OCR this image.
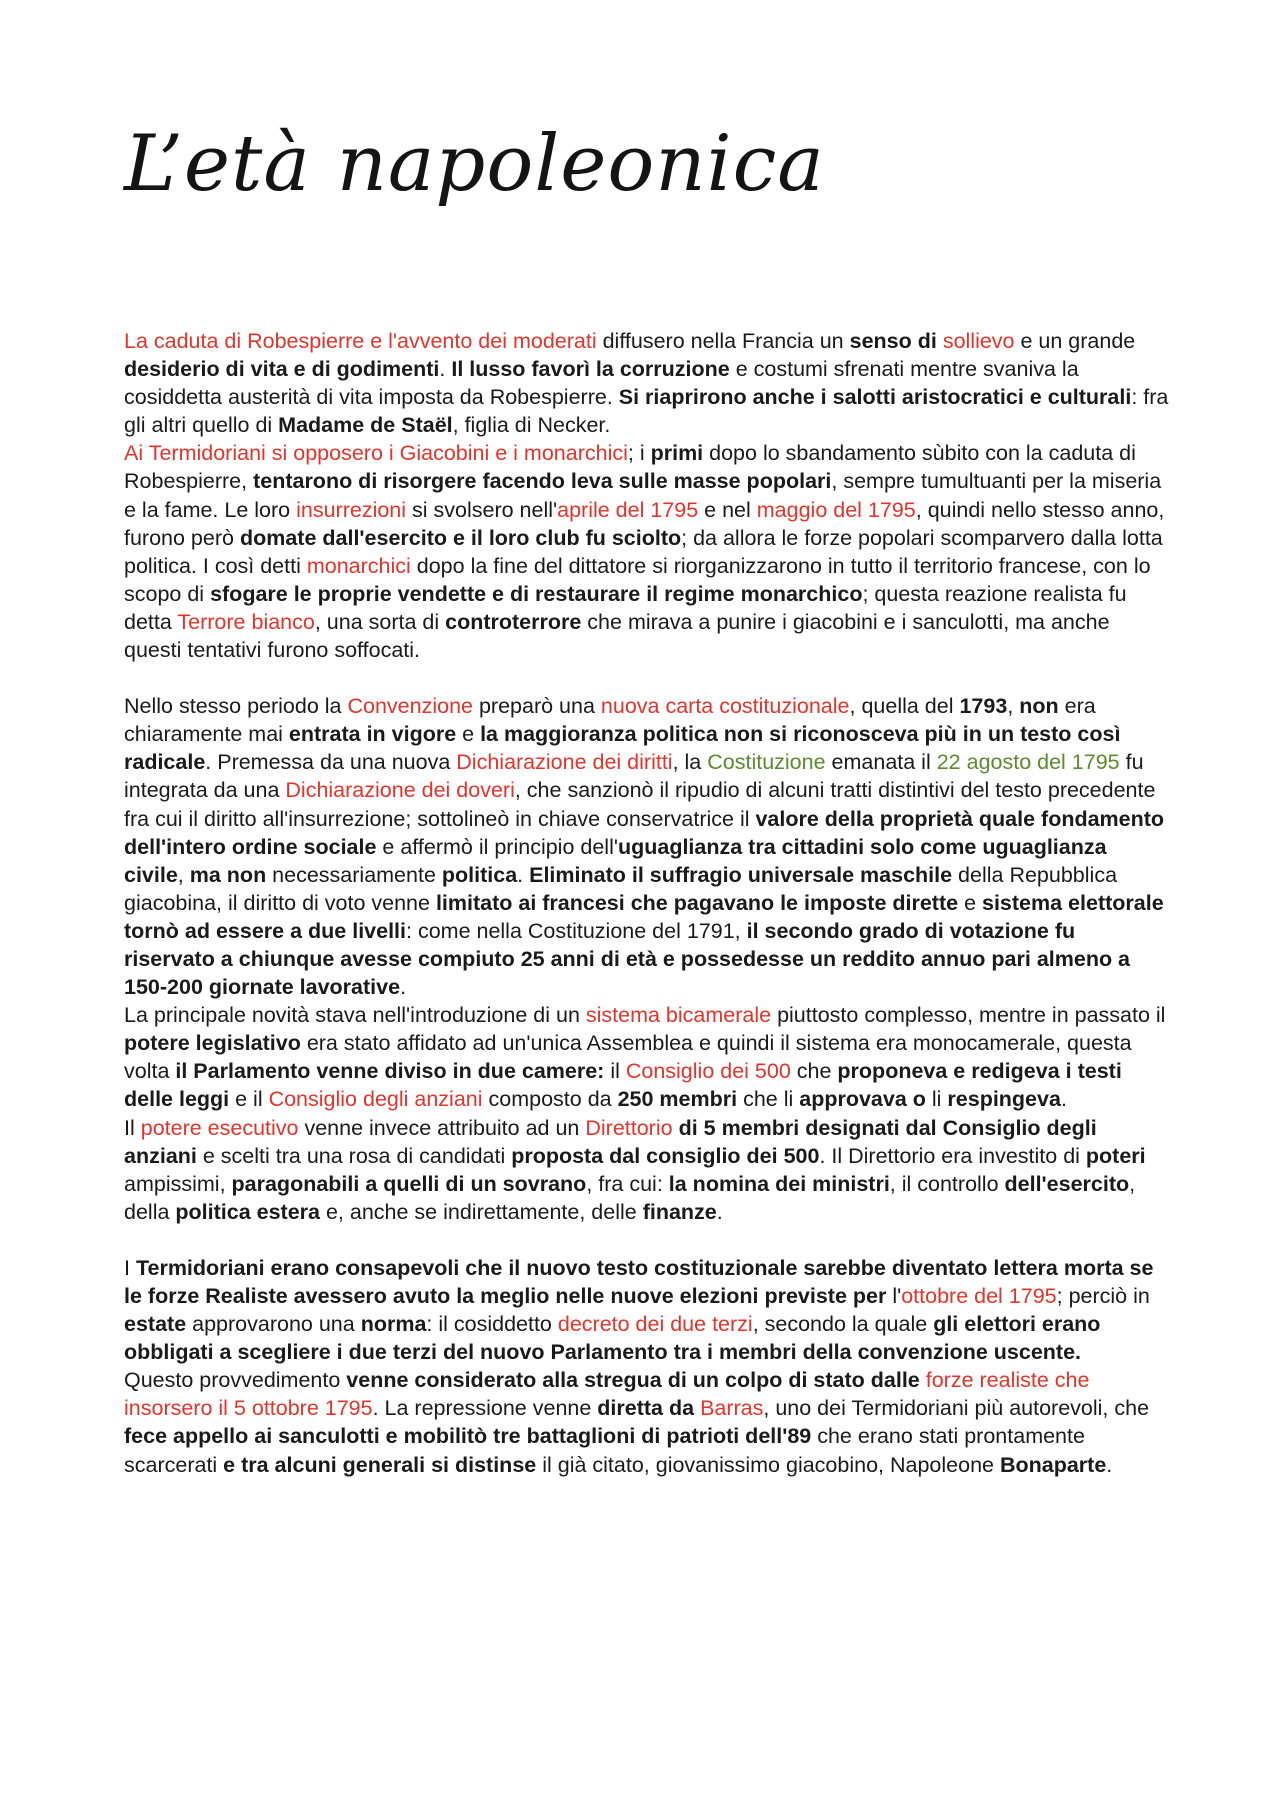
L’età napoleonica

La caduta di Robespierre e l'avvento dei moderati diffusero nella Francia un senso di sollievo e un grande desiderio di vita e di godimenti. Il lusso favorì la corruzione e costumi sfrenati mentre svaniva la cosiddetta austerità di vita imposta da Robespierre. Si riaprirono anche i salotti aristocratici e culturali: fra gli altri quello di Madame de Staël, figlia di Necker.

Ai Termidoriani si opposero i Giacobini e i monarchici; i primi dopo lo sbandamento sùbito con la caduta di Robespierre, tentarono di risorgere facendo leva sulle masse popolari, sempre tumultuanti per la miseria e la fame. Le loro insurrezioni si svolsero nell'aprile del 1795 e nel maggio del 1795, quindi nello stesso anno, furono però domate dall'esercito e il loro club fu sciolto; da allora le forze popolari scomparvero dalla lotta politica. I così detti monarchici dopo la fine del dittatore si riorganizzarono in tutto il territorio francese, con lo scopo di sfogare le proprie vendette e di restaurare il regime monarchico; questa reazione realista fu detta Terrore bianco, una sorta di controterrore che mirava a punire i giacobini e i sanculotti, ma anche questi tentativi furono soffocati.

Nello stesso periodo la Convenzione preparò una nuova carta costituzionale, quella del 1793, non era chiaramente mai entrata in vigore e la maggioranza politica non si riconosceva più in un testo così radicale. Premessa da una nuova Dichiarazione dei diritti, la Costituzione emanata il 22 agosto del 1795 fu integrata da una Dichiarazione dei doveri, che sanzionò il ripudio di alcuni tratti distintivi del testo precedente fra cui il diritto all'insurrezione; sottolineò in chiave conservatrice il valore della proprietà quale fondamento dell'intero ordine sociale e affermò il principio dell'uguaglianza tra cittadini solo come uguaglianza civile, ma non necessariamente politica. Eliminato il suffragio universale maschile della Repubblica giacobina, il diritto di voto venne limitato ai francesi che pagavano le imposte dirette e sistema elettorale tornò ad essere a due livelli: come nella Costituzione del 1791, il secondo grado di votazione fu riservato a chiunque avesse compiuto 25 anni di età e possedesse un reddito annuo pari almeno a 150-200 giornate lavorative.

La principale novità stava nell'introduzione di un sistema bicamerale piuttosto complesso, mentre in passato il potere legislativo era stato affidato ad un'unica Assemblea e quindi il sistema era monocamerale, questa volta il Parlamento venne diviso in due camere: il Consiglio dei 500 che proponeva e redigeva i testi delle leggi e il Consiglio degli anziani composto da 250 membri che li approvava o li respingeva.

Il potere esecutivo venne invece attribuito ad un Direttorio di 5 membri designati dal Consiglio degli anziani e scelti tra una rosa di candidati proposta dal consiglio dei 500. Il Direttorio era investito di poteri ampissimi, paragonabili a quelli di un sovrano, fra cui: la nomina dei ministri, il controllo dell'esercito, della politica estera e, anche se indirettamente, delle finanze.

I Termidoriani erano consapevoli che il nuovo testo costituzionale sarebbe diventato lettera morta se le forze Realiste avessero avuto la meglio nelle nuove elezioni previste per l'ottobre del 1795; perciò in estate approvarono una norma: il cosiddetto decreto dei due terzi, secondo la quale gli elettori erano obbligati a scegliere i due terzi del nuovo Parlamento tra i membri della convenzione uscente.

Questo provvedimento venne considerato alla stregua di un colpo di stato dalle forze realiste che insorsero il 5 ottobre 1795. La repressione venne diretta da Barras, uno dei Termidoriani più autorevoli, che fece appello ai sanculotti e mobilitò tre battaglioni di patrioti dell'89 che erano stati prontamente scarcerati e tra alcuni generali si distinse il già citato, giovanissimo giacobino, Napoleone Bonaparte.
